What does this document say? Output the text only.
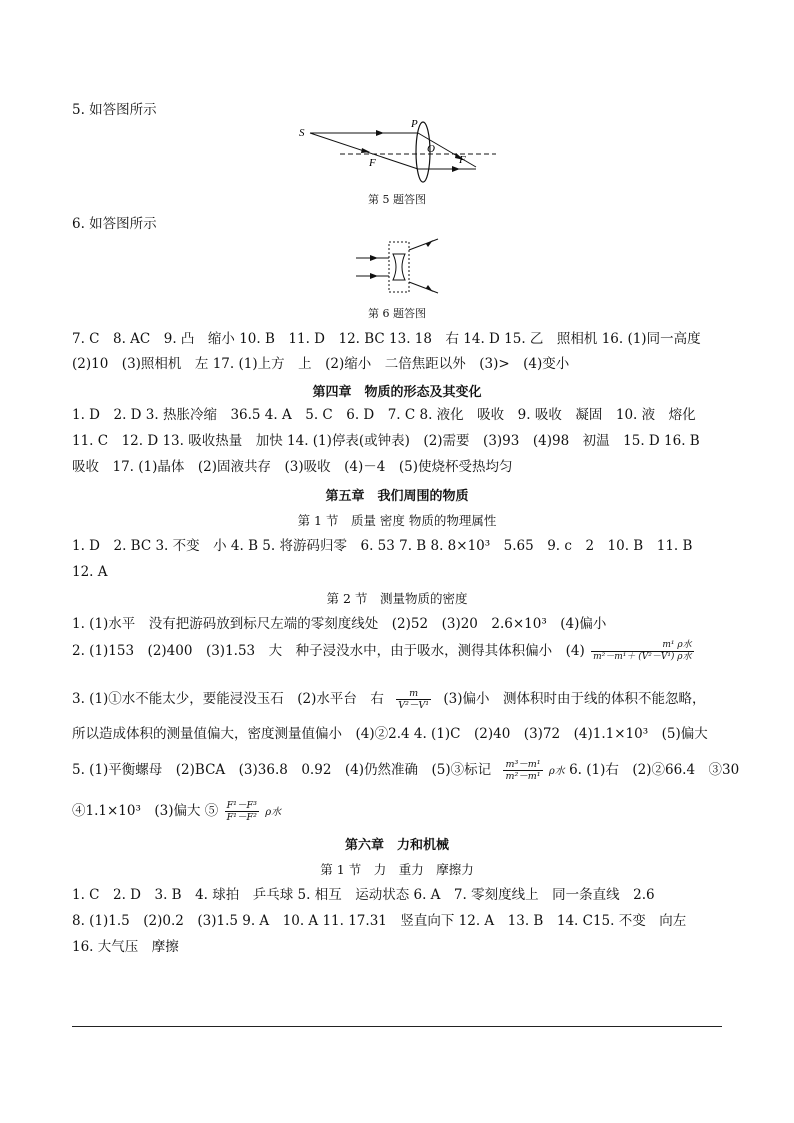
5. 如答图所示
S
P
O
F	F
第 5 题答图
6. 如答图所示
第 6 题答图
7. C　8. AC　9. 凸　缩小 10. B　11. D　12. BC 13. 18　右 14. D 15. 乙　照相机 16. (1)同一高度
(2)10　(3)照相机　左 17. (1)上方　上　(2)缩小　二倍焦距以外　(3)>　(4)变小
第四章　物质的形态及其变化
1. D　2. D 3. 热胀冷缩　36.5 4. A　5. C　6. D　7. C 8. 液化　吸收　9. 吸收　凝固　10. 液　熔化
11. C　12. D 13. 吸收热量　加快 14. (1)停表(或钟表)　(2)需要　(3)93　(4)98　初温　15. D 16. B
吸收　17. (1)晶体　(2)固液共存　(3)吸收　(4)－4　(5)使烧杯受热均匀
第五章　我们周围的物质
第 1 节　质量 密度 物质的物理属性
1. D　2. BC 3. 不变　小 4. B 5. 将游码归零　6. 53 7. B 8. 8×10³　5.65　9. c　2　10. B　11. B
12. A
第 2 节　测量物质的密度
1. (1)水平　没有把游码放到标尺左端的零刻度线处　(2)52　(3)20　2.6×10³　(4)偏小
2. (1)153　(2)400　(3)1.53　大　种子浸没水中，由于吸水，测得其体积偏小　$(4) \frac{\text{m¹ ρ水}}{\text{m²－m¹＋ (V²－V¹) ρ水}}$
3. (1)①水不能太少，要能浸没玉石　(2)水平台　右 $\frac{m}{\text{V²－V¹}} (3)$偏小　测体积时由于线的体积不能忽略，
所以造成体积的测量值偏大，密度测量值偏小　(4)②2.4 4. (1)C　(2)40　(3)72　(4)1.1×10³　(5)偏大
5. (1)平衡螺母　(2)BCA　(3)36.8　0.92　(4)仍然准确　(5)③标记 $\frac{\text{m³－m¹}}{\text{m²－m¹}}$ ρ水 6. (1)右　(2)②66.4　③30
④1.1×10³　(3)偏大 ⑤ $\frac{\text{F¹－F³}}{\text{F¹－F²}}$ ρ水
第六章　力和机械
第 1 节　力　重力　摩擦力
1. C　2. D　3. B　4. 球拍　乒乓球 5. 相互　运动状态 6. A　7. 零刻度线上　同一条直线　2.6
8. (1)1.5　(2)0.2　(3)1.5 9. A　10. A 11. 17.31　竖直向下 12. A　13. B　14. C15. 不变　向左
16. 大气压　摩擦
